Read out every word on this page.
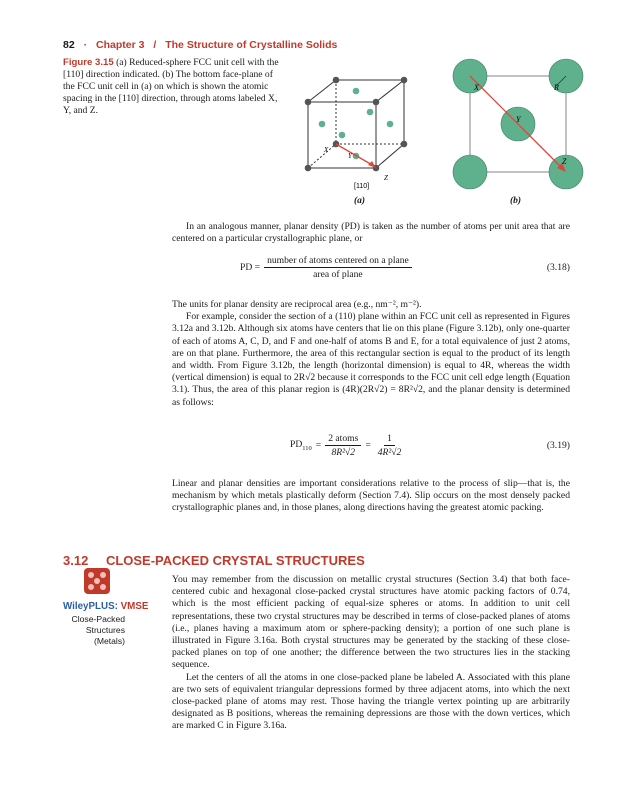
82 · Chapter 3 / The Structure of Crystalline Solids
Figure 3.15 (a) Reduced-sphere FCC unit cell with the [110] direction indicated. (b) The bottom face-plane of the FCC unit cell in (a) on which is shown the atomic spacing in the [110] direction, through atoms labeled X, Y, and Z.
X
Y
Z
[110]
(a)
X	R
Y
Z
(b)

In an analogous manner, planar density (PD) is taken as the number of atoms per unit area that are centered on a particular crystallographic plane, or

PD = $\frac{\text{number of atoms centered on a plane}}{\text{area of plane}}$	(3.18)

The units for planar density are reciprocal area (e.g., nm⁻², m⁻²).

For example, consider the section of a (110) plane within an FCC unit cell as represented in Figures 3.12a and 3.12b. Although six atoms have centers that lie on this plane (Figure 3.12b), only one-quarter of each of atoms A, C, D, and F and one-half of atoms B and E, for a total equivalence of just 2 atoms, are on that plane. Furthermore, the area of this rectangular section is equal to the product of its length and width. From Figure 3.12b, the length (horizontal dimension) is equal to 4R, whereas the width (vertical dimension) is equal to 2R√2 because it corresponds to the FCC unit cell edge length (Equation 3.1). Thus, the area of this planar region is (4R)(2R√2) = 8R²√2, and the planar density is determined as follows:

$PD_{110} = \frac{\text{2 atoms}}{\text{8R²√2}} = \frac{1}{\text{4R²√2}}$	(3.19)

Linear and planar densities are important considerations relative to the process of slip—that is, the mechanism by which metals plastically deform (Section 7.4). Slip occurs on the most densely packed crystallographic planes and, in those planes, along directions having the greatest atomic packing.

3.12 CLOSE-PACKED CRYSTAL STRUCTURES
WileyPLUS: VMSE
Close-Packed Structures (Metals)

You may remember from the discussion on metallic crystal structures (Section 3.4) that both face-centered cubic and hexagonal close-packed crystal structures have atomic packing factors of 0.74, which is the most efficient packing of equal-size spheres or atoms. In addition to unit cell representations, these two crystal structures may be described in terms of close-packed planes of atoms (i.e., planes having a maximum atom or sphere-packing density); a portion of one such plane is illustrated in Figure 3.16a. Both crystal structures may be generated by the stacking of these close-packed planes on top of one another; the difference between the two structures lies in the stacking sequence.

Let the centers of all the atoms in one close-packed plane be labeled A. Associated with this plane are two sets of equivalent triangular depressions formed by three adjacent atoms, into which the next close-packed plane of atoms may rest. Those having the triangle vertex pointing up are arbitrarily designated as B positions, whereas the remaining depressions are those with the down vertices, which are marked C in Figure 3.16a.
